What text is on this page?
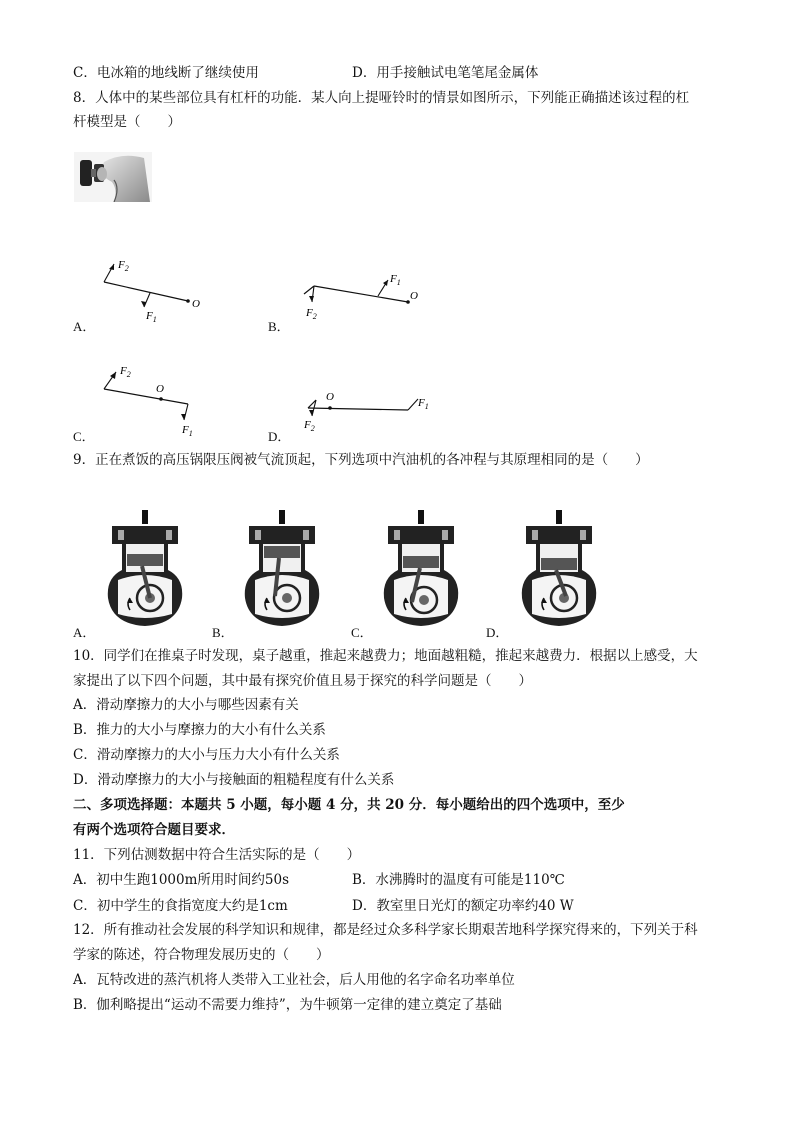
C．电冰箱的地线断了继续使用	D．用手接触试电笔笔尾金属体
8．人体中的某些部位具有杠杆的功能．某人向上提哑铃时的情景如图所示，下列能正确描述该过程的杠
杆模型是（　　）
A．
$F_2$
$F_1$
O
B．
$F_2$
$F_1$
O
C．
$F_2$
O
$F_1$	D．
O
$F_2$
$F_1$
9．正在煮饭的高压锅限压阀被气流顶起，下列选项中汽油机的各冲程与其原理相同的是（　　）
A．	B．	C．	D．
10．同学们在推桌子时发现，桌子越重，推起来越费力；地面越粗糙，推起来越费力．根据以上感受，大
家提出了以下四个问题，其中最有探究价值且易于探究的科学问题是（　　）
A．滑动摩擦力的大小与哪些因素有关
B．推力的大小与摩擦力的大小有什么关系
C．滑动摩擦力的大小与压力大小有什么关系
D．滑动摩擦力的大小与接触面的粗糙程度有什么关系
二、多项选择题：本题共 5 小题，每小题 4 分，共 20 分．每小题给出的四个选项中，至少
有两个选项符合题目要求．
11．下列估测数据中符合生活实际的是（　　）
A．初中生跑1000m所用时间约50s	B．水沸腾时的温度有可能是110℃
C．初中学生的食指宽度大约是1cm	D．教室里日光灯的额定功率约40 W
12．所有推动社会发展的科学知识和规律，都是经过众多科学家长期艰苦地科学探究得来的，下列关于科
学家的陈述，符合物理发展历史的（　　）
A．瓦特改进的蒸汽机将人类带入工业社会，后人用他的名字命名功率单位
B．伽利略提出“运动不需要力维持”，为牛顿第一定律的建立奠定了基础
